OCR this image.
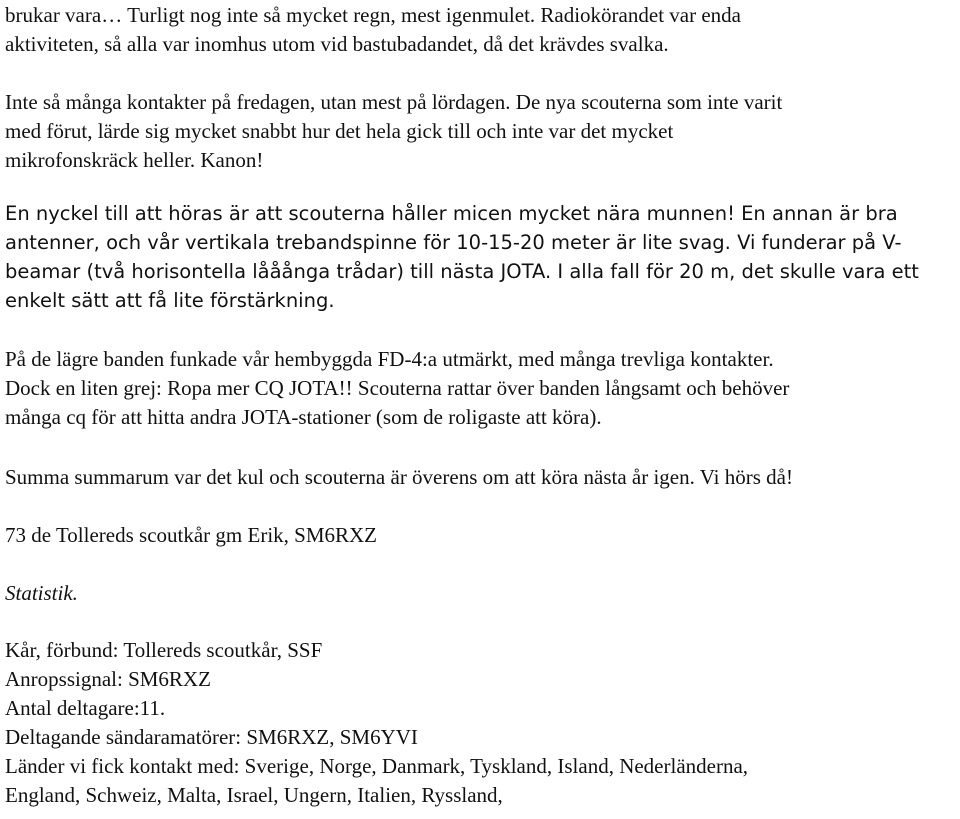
brukar vara… Turligt nog inte så mycket regn, mest igenmulet. Radiokörandet var enda
aktiviteten, så alla var inomhus utom vid bastubadandet, då det krävdes svalka.

Inte så många kontakter på fredagen, utan mest på lördagen. De nya scouterna som inte varit
med förut, lärde sig mycket snabbt hur det hela gick till och inte var det mycket
mikrofonskräck heller. Kanon!

En nyckel till att höras är att scouterna håller micen mycket nära munnen! En annan är bra
antenner, och vår vertikala trebandspinne för 10-15-20 meter är lite svag. Vi funderar på V-
beamar (två horisontella lååånga trådar) till nästa JOTA. I alla fall för 20 m, det skulle vara ett
enkelt sätt att få lite förstärkning.

På de lägre banden funkade vår hembyggda FD-4:a utmärkt, med många trevliga kontakter.
Dock en liten grej: Ropa mer CQ JOTA!! Scouterna rattar över banden långsamt och behöver
många cq för att hitta andra JOTA-stationer (som de roligaste att köra).

Summa summarum var det kul och scouterna är överens om att köra nästa år igen. Vi hörs då!

73 de Tollereds scoutkår gm Erik, SM6RXZ

Statistik.

Kår, förbund: Tollereds scoutkår, SSF
Anropssignal: SM6RXZ
Antal deltagare:11.
Deltagande sändaramatörer: SM6RXZ, SM6YVI
Länder vi fick kontakt med: Sverige, Norge, Danmark, Tyskland, Island, Nederländerna,
England, Schweiz, Malta, Israel, Ungern, Italien, Ryssland,
